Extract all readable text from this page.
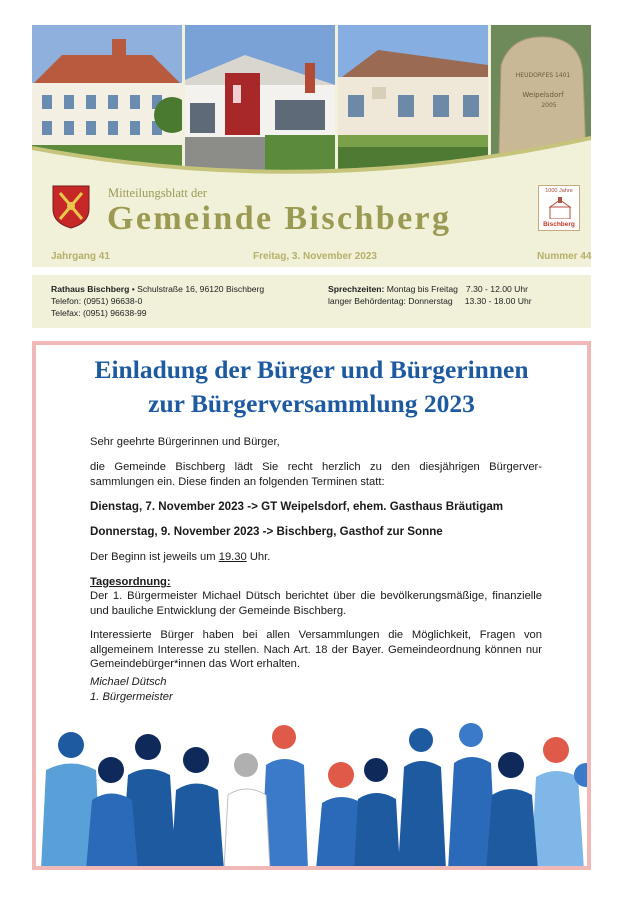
HEUDORFES 1401
Weipelsdorf
2005
Mitteilungsblatt der
Gemeinde Bischberg
1000 Jahre
Bischberg
Jahrgang 41	Freitag, 3. November 2023	Nummer 44
Rathaus Bischberg • Schulstraße 16, 96120 Bischberg
Telefon: (0951) 96638-0
Telefax: (0951) 96638-99
Sprechzeiten: Montag bis Freitag 7.30 - 12.00 Uhr
langer Behördentag: Donnerstag 13.30 - 18.00 Uhr
Einladung der Bürger und Bürgerinnen
zur Bürgerversammlung 2023
Sehr geehrte Bürgerinnen und Bürger,
die Gemeinde Bischberg lädt Sie recht herzlich zu den diesjährigen Bürgerver-sammlungen ein. Diese finden an folgenden Terminen statt:
Dienstag, 7. November 2023 -> GT Weipelsdorf, ehem. Gasthaus Bräutigam
Donnerstag, 9. November 2023 -> Bischberg, Gasthof zur Sonne
Der Beginn ist jeweils um 19.30 Uhr.
Tagesordnung:
Der 1. Bürgermeister Michael Dütsch berichtet über die bevölkerungsmäßige, finanzielle und bauliche Entwicklung der Gemeinde Bischberg.
Interessierte Bürger haben bei allen Versammlungen die Möglichkeit, Fragen von allgemeinem Interesse zu stellen. Nach Art. 18 der Bayer. Gemeindeordnung können nur Gemeindebürger*innen das Wort erhalten.
Michael Dütsch
1. Bürgermeister
